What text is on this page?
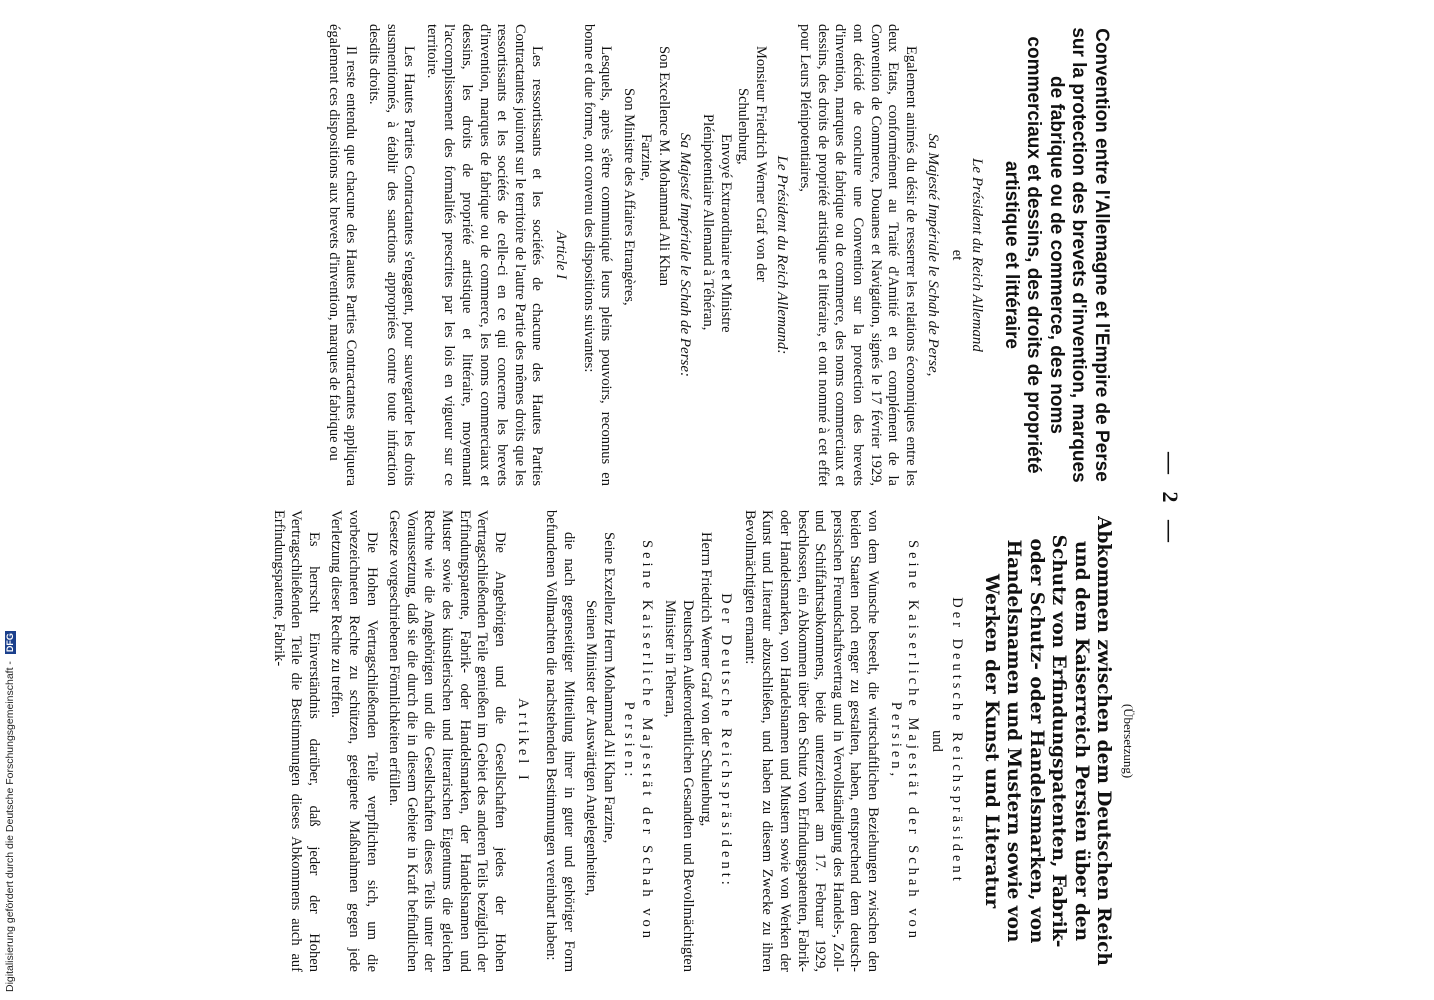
— 2 —
Convention entre l'Allemagne et l'Empire de Perse sur la protection des brevets d'invention, marques de fabrique ou de commerce, des noms commerciaux et dessins, des droits de propriété artistique et littéraire
Le Président du Reich Allemand
et
Sa Majesté Impériale le Schah de Perse,
Egalement animés du désir de resserrer les relations économiques entre les deux Etats, conformément au Traité d'Amitié et en complément de la Convention de Commerce, Douanes et Navigation, signés le 17 février 1929, ont décidé de conclure une Convention sur la protection des brevets d'invention, marques de fabrique ou de commerce, des noms commerciaux et dessins, des droits de propriété artistique et littéraire, et ont nommé à cet effet pour Leurs Plénipotentiaires,
Le Président du Reich Allemand:
Monsieur Friedrich Werner Graf von der
Schulenburg,
Envoyé Extraordinaire et Ministre
Plénipotentiaire Allemand à Téhéran,
Sa Majesté Impériale le Schah de Perse:
Son Excellence M. Mohammad Ali Khan
Farzine,
Son Ministre des Affaires Etrangères,
Lesquels, après s'être communiqué leurs pleins pouvoirs, reconnus en bonne et due forme, ont convenu des dispositions suivantes:
Article I
Les ressortissants et les sociétés de chacune des Hautes Parties Contractantes jouiront sur le territoire de l'autre Partie des mêmes droits que les ressortissants et les sociétés de celle-ci en ce qui concerne les brevets d'invention, marques de fabrique ou de commerce, les noms commerciaux et dessins, les droits de propriété artistique et littéraire, moyennant l'accomplissement des formalités prescrites par les lois en vigueur sur ce territoire.
Les Hautes Parties Contractantes s'engagent, pour sauvegarder les droits susmentionnés, à établir des sanctions appropriées contre toute infraction desdits droits.
Il reste entendu que chacune des Hautes Parties Contractantes appliquera également ces dispositions aux brevets d'invention, marques de fabrique ou
(Übersetzung)
Abkommen zwischen dem Deutschen Reich und dem Kaiserreich Persien über den Schutz von Erfindungspatenten, Fabrik- oder Schutz- oder Handelsmarken, von Handelsnamen und Mustern sowie von Werken der Kunst und Literatur
Der Deutsche Reichspräsident
und
Seine Kaiserliche Majestät der Schah von Persien,
von dem Wunsche beseelt, die wirtschaftlichen Beziehungen zwischen den beiden Staaten noch enger zu gestalten, haben, entsprechend dem deutsch-persischen Freundschaftsvertrag und in Vervollständigung des Handels-, Zoll- und Schiffahrtsabkommens, beide unterzeichnet am 17. Februar 1929, beschlossen, ein Abkommen über den Schutz von Erfindungspatenten, Fabrik- oder Handelsmarken, von Handelsnamen und Mustern sowie von Werken der Kunst und Literatur abzuschließen, und haben zu diesem Zwecke zu ihren Bevollmächtigten ernannt:
Der Deutsche Reichspräsident:
Herrn Friedrich Werner Graf von der Schulenburg,
Deutschen Außerordentlichen Gesandten und Bevollmächtigten Minister in Teheran,
Seine Kaiserliche Majestät der Schah von Persien:
Seine Exzellenz Herrn Mohammad Ali Khan Farzine,
Seinen Minister der Auswärtigen Angelegenheiten,
die nach gegenseitiger Mitteilung ihrer in guter und gehöriger Form befundenen Vollmachten die nachstehenden Bestimmungen vereinbart haben:
Artikel I
Die Angehörigen und die Gesellschaften jedes der Hohen Vertragschließenden Teile genießen im Gebiet des anderen Teils bezüglich der Erfindungspatente, Fabrik- oder Handelsmarken, der Handelsnamen und Muster sowie des künstlerischen und literarischen Eigentums die gleichen Rechte wie die Angehörigen und die Gesellschaften dieses Teils unter der Voraussetzung, daß sie die durch die in diesem Gebiete in Kraft befindlichen Gesetze vorgeschriebenen Förmlichkeiten erfüllen.
Die Hohen Vertragschließenden Teile verpflichten sich, um die vorbezeichneten Rechte zu schützen, geeignete Maßnahmen gegen jede Verletzung dieser Rechte zu treffen.
Es herrscht Einverständnis darüber, daß jeder der Hohen Vertragschließenden Teile die Bestimmungen dieses Abkommens auch auf Erfindungspatente, Fabrik-
Digitalisierung gefördert durch die Deutsche Forschungsgemeinschaft - DFG
